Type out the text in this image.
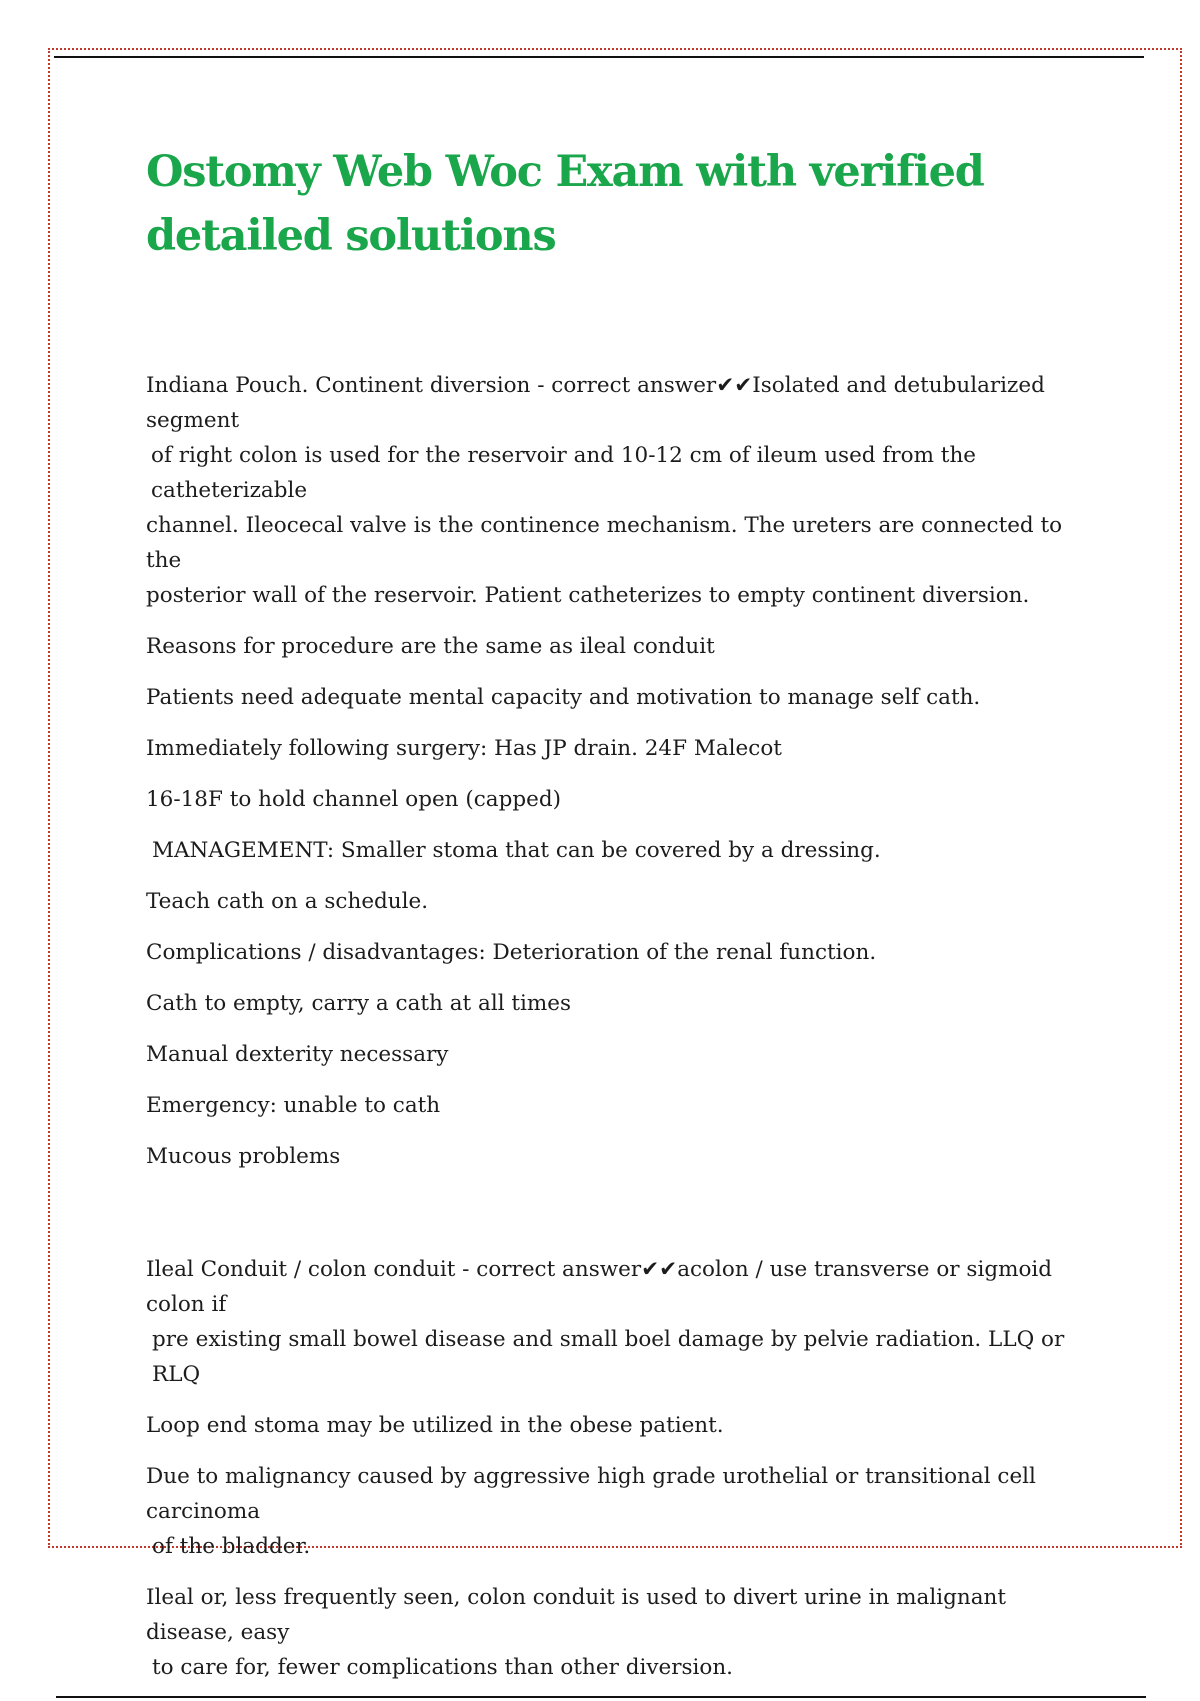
Ostomy Web Woc Exam with verified detailed solutions

Indiana Pouch. Continent diversion - correct answer✔✔Isolated and detubularized segment
of right colon is used for the reservoir and 10-12 cm of ileum used from the catheterizable
channel. Ileocecal valve is the continence mechanism. The ureters are connected to the
posterior wall of the reservoir. Patient catheterizes to empty continent diversion.

Reasons for procedure are the same as ileal conduit

Patients need adequate mental capacity and motivation to manage self cath.

Immediately following surgery: Has JP drain. 24F Malecot

16-18F to hold channel open (capped)

MANAGEMENT: Smaller stoma that can be covered by a dressing.

Teach cath on a schedule.

Complications / disadvantages: Deterioration of the renal function.

Cath to empty, carry a cath at all times

Manual dexterity necessary

Emergency: unable to cath

Mucous problems

Ileal Conduit / colon conduit - correct answer✔✔acolon / use transverse or sigmoid colon if
pre existing small bowel disease and small boel damage by pelvie radiation. LLQ or RLQ

Loop end stoma may be utilized in the obese patient.

Due to malignancy caused by aggressive high grade urothelial or transitional cell carcinoma
of the bladder.

Ileal or, less frequently seen, colon conduit is used to divert urine in malignant disease, easy
to care for, fewer complications than other diversion.
